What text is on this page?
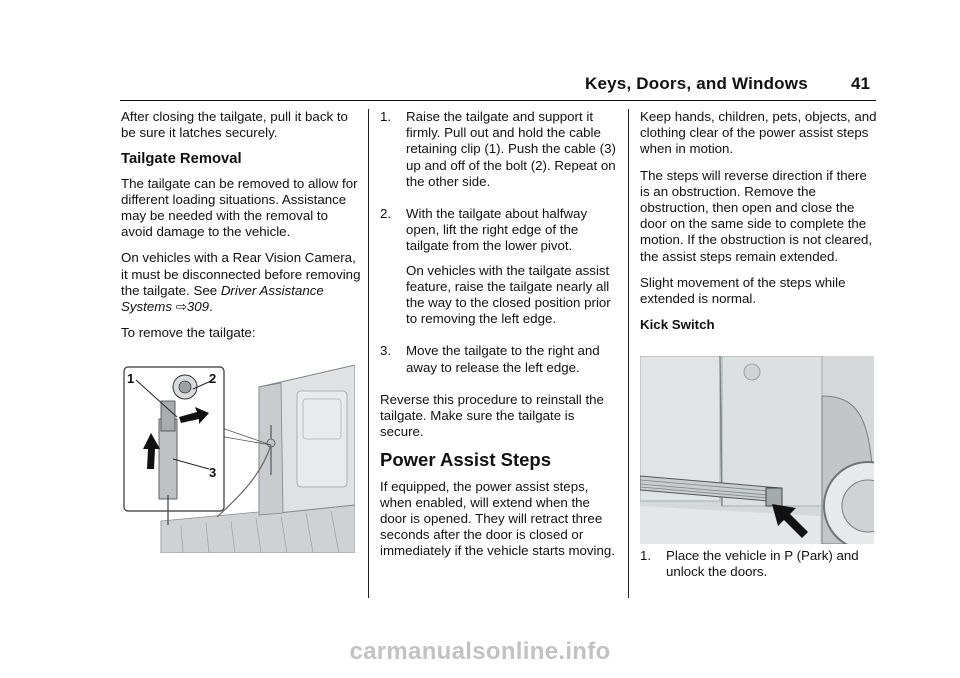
Keys, Doors, and Windows	41

After closing the tailgate, pull it back to be sure it latches securely.

Tailgate Removal

The tailgate can be removed to allow for different loading situations. Assistance may be needed with the removal to avoid damage to the vehicle.

On vehicles with a Rear Vision Camera, it must be disconnected before removing the tailgate. See Driver Assistance Systems ⇨309.

To remove the tailgate:

1	2
3
1.	Raise the tailgate and support it firmly. Pull out and hold the cable retaining clip (1). Push the cable (3) up and off of the bolt (2). Repeat on the other side.

2.	With the tailgate about halfway open, lift the right edge of the tailgate from the lower pivot.

On vehicles with the tailgate assist feature, raise the tailgate nearly all the way to the closed position prior to removing the left edge.

3.	Move the tailgate to the right and away to release the left edge.

Reverse this procedure to reinstall the tailgate. Make sure the tailgate is secure.

Power Assist Steps

If equipped, the power assist steps, when enabled, will extend when the door is opened. They will retract three seconds after the door is closed or immediately if the vehicle starts moving.

Keep hands, children, pets, objects, and clothing clear of the power assist steps when in motion.

The steps will reverse direction if there is an obstruction. Remove the obstruction, then open and close the door on the same side to complete the motion. If the obstruction is not cleared, the assist steps remain extended.

Slight movement of the steps while extended is normal.

Kick Switch
1.	Place the vehicle in P (Park) and unlock the doors.

carmanualsonline.info
